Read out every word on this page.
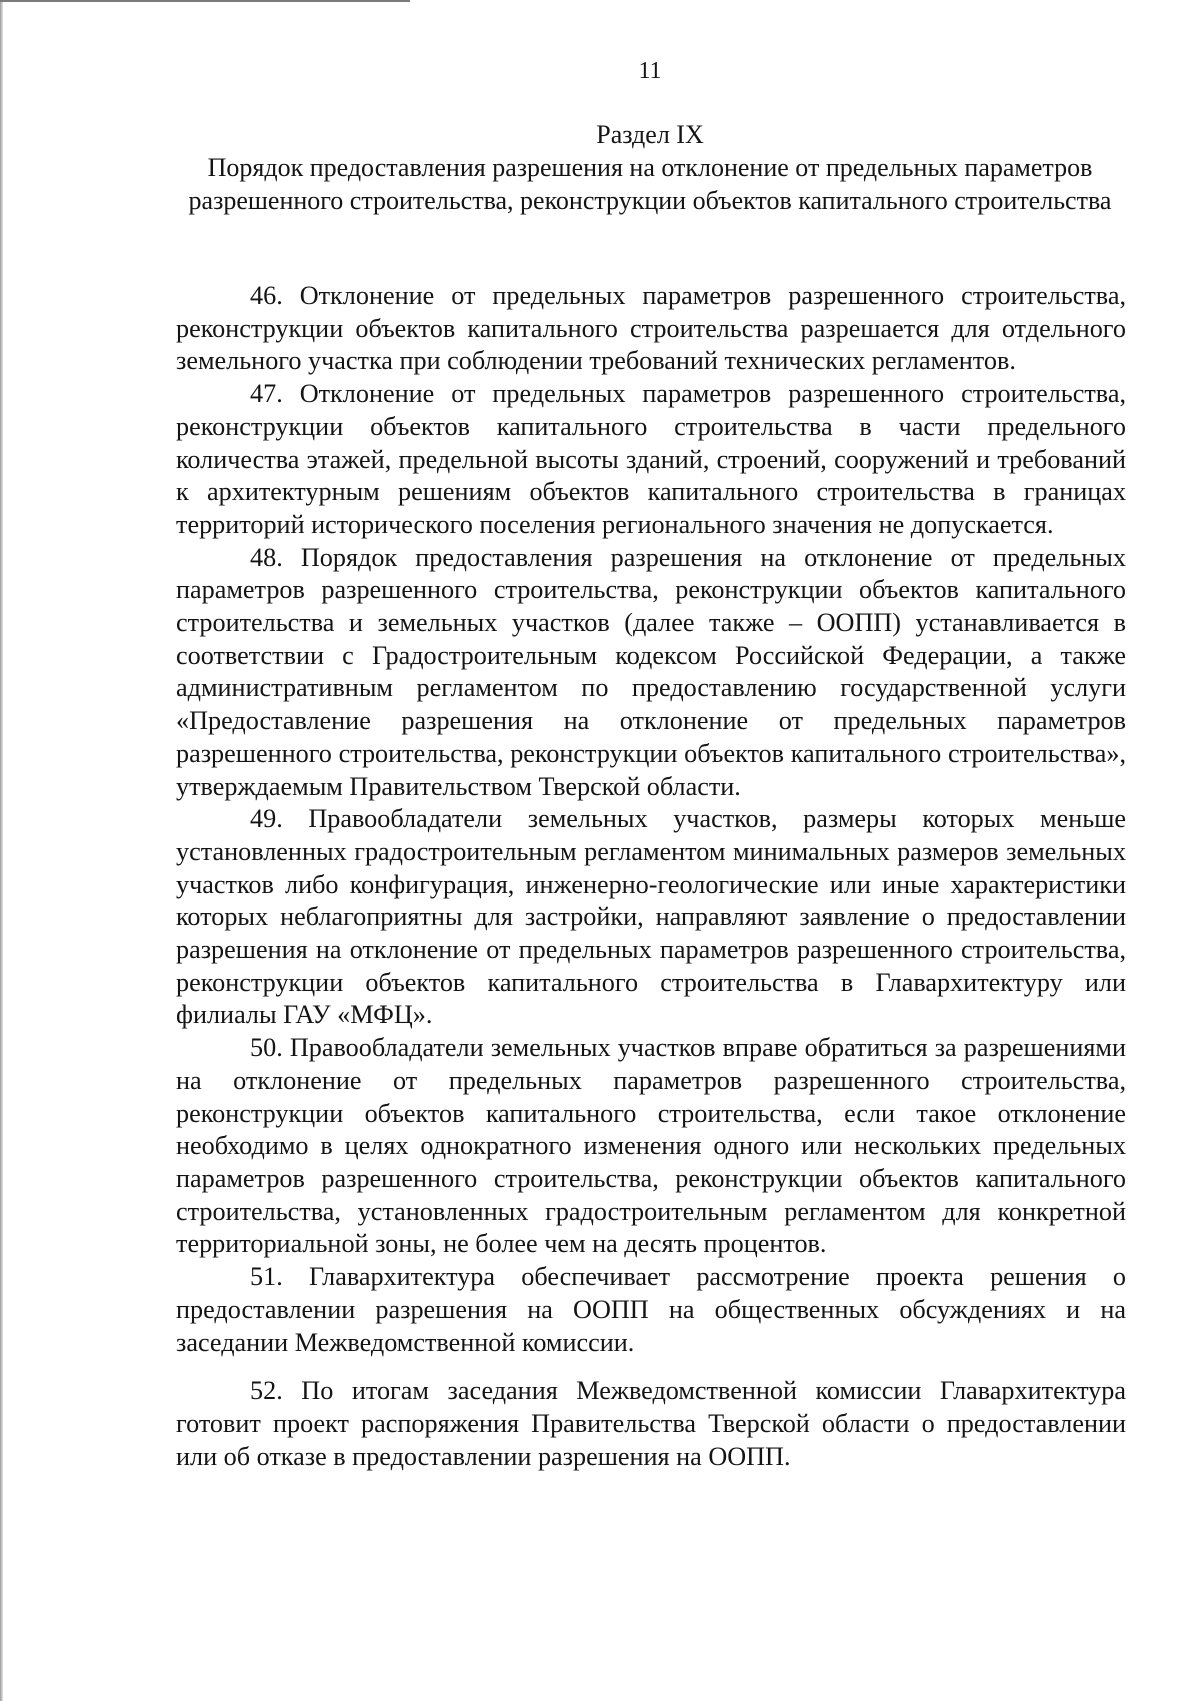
11
Раздел IX
Порядок предоставления разрешения на отклонение от предельных параметров разрешенного строительства, реконструкции объектов капитального строительства

46. Отклонение от предельных параметров разрешенного строительства, реконструкции объектов капитального строительства разрешается для отдельного земельного участка при соблюдении требований технических регламентов.

47. Отклонение от предельных параметров разрешенного строительства, реконструкции объектов капитального строительства в части предельного количества этажей, предельной высоты зданий, строений, сооружений и требований к архитектурным решениям объектов капитального строительства в границах территорий исторического поселения регионального значения не допускается.

48. Порядок предоставления разрешения на отклонение от предельных параметров разрешенного строительства, реконструкции объектов капитального строительства и земельных участков (далее также – ООПП) устанавливается в соответствии с Градостроительным кодексом Российской Федерации, а также административным регламентом по предоставлению государственной услуги «Предоставление разрешения на отклонение от предельных параметров разрешенного строительства, реконструкции объектов капитального строительства», утверждаемым Правительством Тверской области.

49. Правообладатели земельных участков, размеры которых меньше установленных градостроительным регламентом минимальных размеров земельных участков либо конфигурация, инженерно-геологические или иные характеристики которых неблагоприятны для застройки, направляют заявление о предоставлении разрешения на отклонение от предельных параметров разрешенного строительства, реконструкции объектов капитального строительства в Главархитектуру или филиалы ГАУ «МФЦ».

50. Правообладатели земельных участков вправе обратиться за разрешениями на отклонение от предельных параметров разрешенного строительства, реконструкции объектов капитального строительства, если такое отклонение необходимо в целях однократного изменения одного или нескольких предельных параметров разрешенного строительства, реконструкции объектов капитального строительства, установленных градостроительным регламентом для конкретной территориальной зоны, не более чем на десять процентов.

51. Главархитектура обеспечивает рассмотрение проекта решения о предоставлении разрешения на ООПП на общественных обсуждениях и на заседании Межведомственной комиссии.

52. По итогам заседания Межведомственной комиссии Главархитектура готовит проект распоряжения Правительства Тверской области о предоставлении или об отказе в предоставлении разрешения на ООПП.
